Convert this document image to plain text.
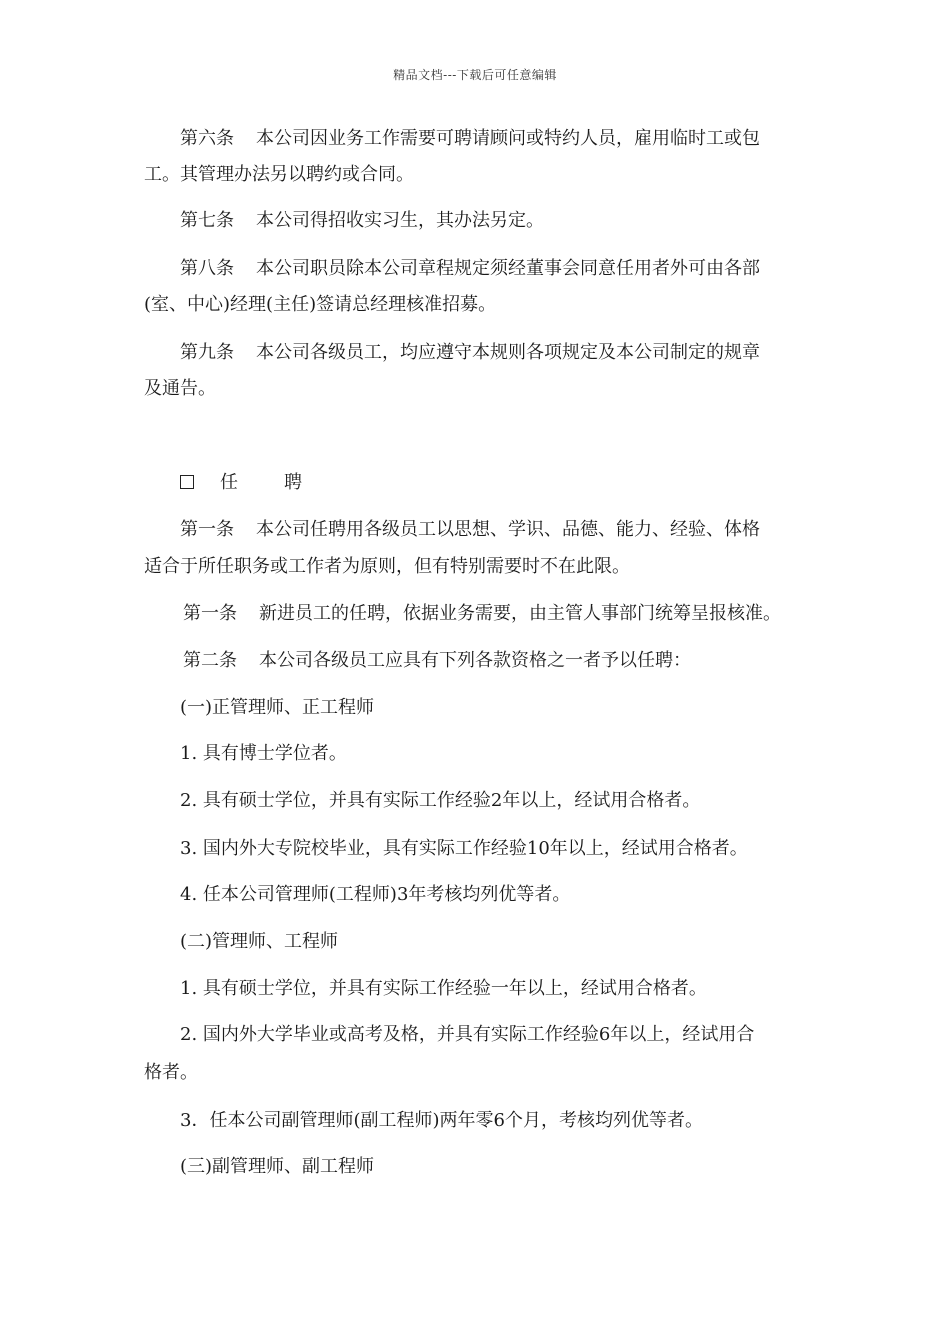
精品文档---下载后可任意编辑
第六条 本公司因业务工作需要可聘请顾问或特约人员，雇用临时工或包
工。其管理办法另以聘约或合同。
第七条 本公司得招收实习生，其办法另定。
第八条 本公司职员除本公司章程规定须经董事会同意任用者外可由各部
(室、中心)经理(主任)签请总经理核准招募。
第九条 本公司各级员工，均应遵守本规则各项规定及本公司制定的规章
及通告。
任	聘
第一条 本公司任聘用各级员工以思想、学识、品德、能力、经验、体格
适合于所任职务或工作者为原则，但有特别需要时不在此限。
第一条 新进员工的任聘，依据业务需要，由主管人事部门统筹呈报核准。
第二条 本公司各级员工应具有下列各款资格之一者予以任聘：
(一)正管理师、正工程师
1. 具有博士学位者。
2. 具有硕士学位，并具有实际工作经验2年以上，经试用合格者。
3. 国内外大专院校毕业，具有实际工作经验10年以上，经试用合格者。
4. 任本公司管理师(工程师)3年考核均列优等者。
(二)管理师、工程师
1. 具有硕士学位，并具有实际工作经验一年以上，经试用合格者。
2. 国内外大学毕业或高考及格，并具有实际工作经验6年以上，经试用合
格者。
3．任本公司副管理师(副工程师)两年零6个月，考核均列优等者。
(三)副管理师、副工程师
